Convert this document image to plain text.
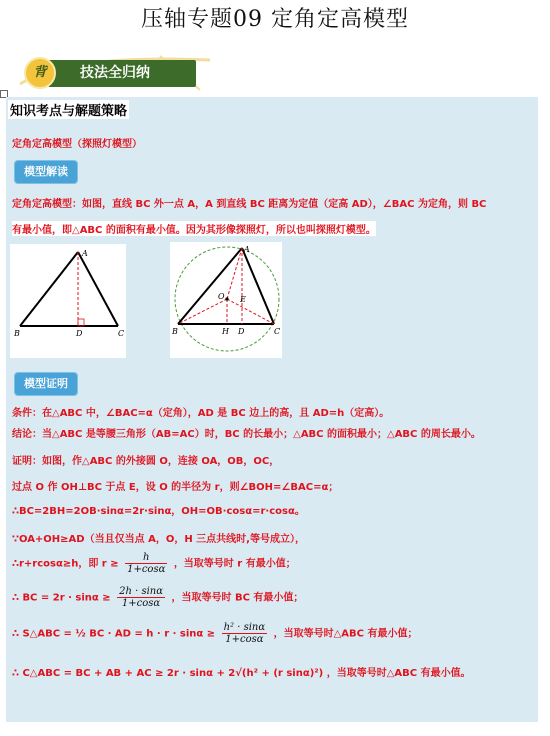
压轴专题09 定角定高模型
技法全归纳
背
知识考点与解题策略
定角定高模型（探照灯模型）
模型解读
定角定高模型：如图，直线 BC 外一点 A，A 到直线 BC 距离为定值（定高 AD），∠BAC 为定角，则 BC
有最小值，即△ABC 的面积有最小值。因为其形像探照灯，所以也叫探照灯模型。
A
B	D	C
A
O E
B	H D	C
模型证明
条件：在△ABC 中，∠BAC=α（定角），AD 是 BC 边上的高，且 AD=h（定高）。
结论：当△ABC 是等腰三角形（AB=AC）时，BC 的长最小；△ABC 的面积最小；△ABC 的周长最小。
证明：如图，作△ABC 的外接圆 O，连接 OA，OB，OC，
过点 O 作 OH⊥BC 于点 E，设 O 的半径为 r，则∠BOH=∠BAC=α；
∴BC=2BH=2OB·sinα=2r·sinα，OH=OB·cosα=r·cosα。
∵OA+OH≥AD（当且仅当点 A，O，H 三点共线时,等号成立），
∴r+rcosα≥h，即 $r \ge \frac{h}{1+\cos\alpha}$ ，当取等号时 r 有最小值；
∴ BC = $2r \cdot \sin\alpha \ge \frac{2h \cdot \sin\alpha}{1+\cos\alpha}$ ，当取等号时 BC 有最小值；
∴ S△ABC = ½ BC · AD = $h \cdot r \cdot \sin\alpha \ge \frac{\text{h² · sinα}}{1+\cos\alpha}$ ，当取等号时△ABC 有最小值；
∴ C△ABC = BC + AB + AC ≥ 2r · sinα + 2√(h² + (r sinα)²) ，当取等号时△ABC 有最小值。
